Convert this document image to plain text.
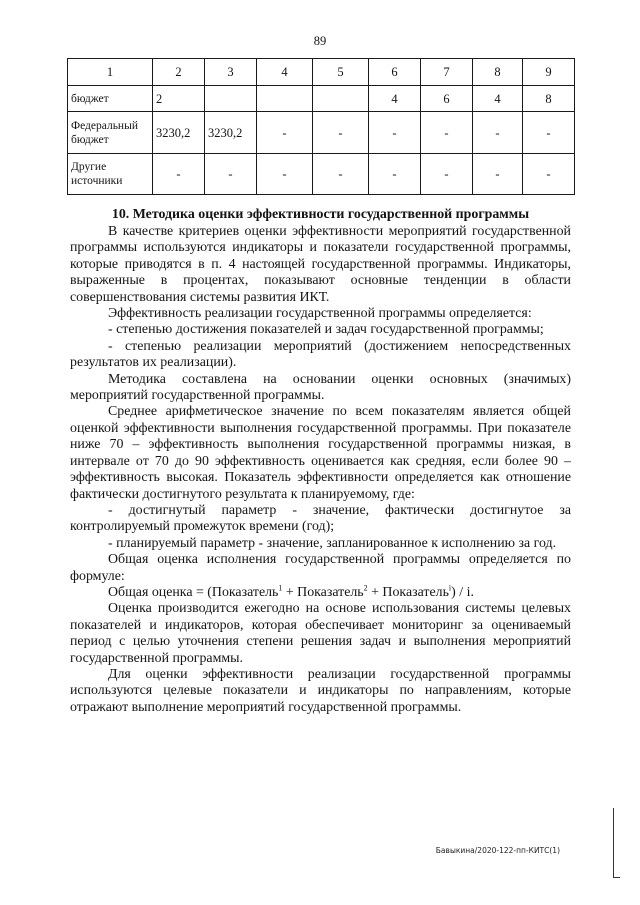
89
1	2	3	4	5	6	7	8	9
бюджет	2				4	6	4	8
Федеральный бюджет	3230,2	3230,2	-	-	-	-	-	-
Другие источники	-	-	-	-	-	-	-	-
10. Методика оценки эффективности государственной программы

В качестве критериев оценки эффективности мероприятий государственной программы используются индикаторы и показатели государственной программы, которые приводятся в п. 4 настоящей государственной программы. Индикаторы, выраженные в процентах, показывают основные тенденции в области совершенствования системы развития ИКТ.

Эффективность реализации государственной программы определяется:

- степенью достижения показателей и задач государственной программы;

- степенью реализации мероприятий (достижением непосредственных результатов их реализации).

Методика составлена на основании оценки основных (значимых) мероприятий государственной программы.

Среднее арифметическое значение по всем показателям является общей оценкой эффективности выполнения государственной программы. При показателе ниже 70 – эффективность выполнения государственной программы низкая, в интервале от 70 до 90 эффективность оценивается как средняя, если более 90 – эффективность высокая. Показатель эффективности определяется как отношение фактически достигнутого результата к планируемому, где:

- достигнутый параметр - значение, фактически достигнутое за контролируемый промежуток времени (год);

- планируемый параметр - значение, запланированное к исполнению за год.

Общая оценка исполнения государственной программы определяется по формуле:

Общая оценка = (Показатель$^1$ + Показатель$^2$ + Показатель$^i$) / i.

Оценка производится ежегодно на основе использования системы целевых показателей и индикаторов, которая обеспечивает мониторинг за оцениваемый период с целью уточнения степени решения задач и выполнения мероприятий государственной программы.

Для оценки эффективности реализации государственной программы используются целевые показатели и индикаторы по направлениям, которые отражают выполнение мероприятий государственной программы.

Бавыкина/2020-122-пп-КИТС(1)
